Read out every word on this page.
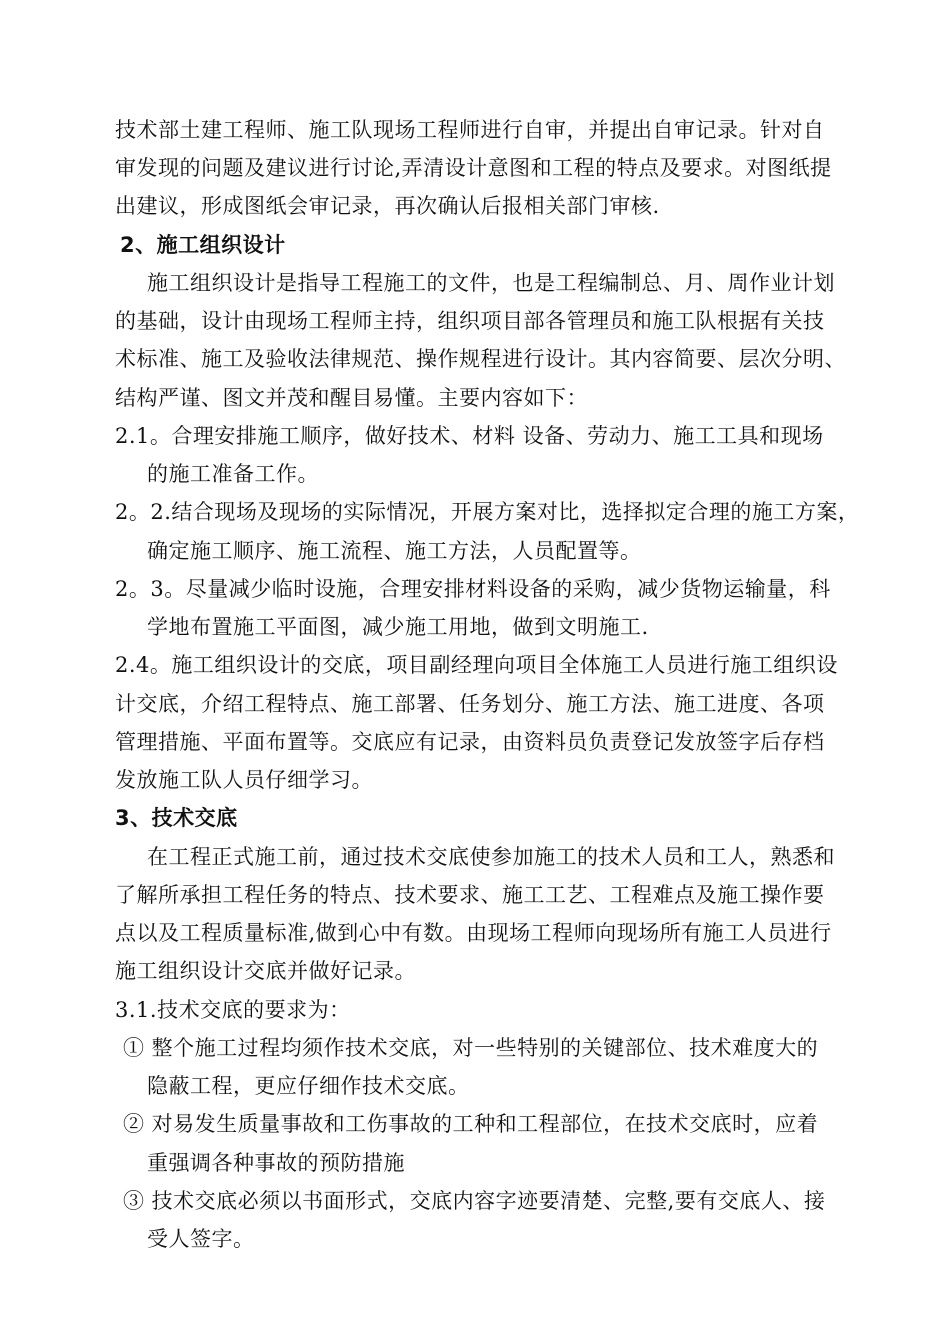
技术部土建工程师、施工队现场工程师进行自审，并提出自审记录。针对自
审发现的问题及建议进行讨论,弄清设计意图和工程的特点及要求。对图纸提
出建议，形成图纸会审记录，再次确认后报相关部门审核.
2、施工组织设计
施工组织设计是指导工程施工的文件，也是工程编制总、月、周作业计划
的基础，设计由现场工程师主持，组织项目部各管理员和施工队根据有关技
术标准、施工及验收法律规范、操作规程进行设计。其内容简要、层次分明、
结构严谨、图文并茂和醒目易懂。主要内容如下：
2.1。合理安排施工顺序，做好技术、材料 设备、劳动力、施工工具和现场
的施工准备工作。
2。2.结合现场及现场的实际情况，开展方案对比，选择拟定合理的施工方案，
确定施工顺序、施工流程、施工方法，人员配置等。
2。3。尽量减少临时设施，合理安排材料设备的采购，减少货物运输量，科
学地布置施工平面图，减少施工用地，做到文明施工.
2.4。施工组织设计的交底，项目副经理向项目全体施工人员进行施工组织设
计交底，介绍工程特点、施工部署、任务划分、施工方法、施工进度、各项
管理措施、平面布置等。交底应有记录，由资料员负责登记发放签字后存档
发放施工队人员仔细学习。
3、技术交底
在工程正式施工前，通过技术交底使参加施工的技术人员和工人，熟悉和
了解所承担工程任务的特点、技术要求、施工工艺、工程难点及施工操作要
点以及工程质量标准,做到心中有数。由现场工程师向现场所有施工人员进行
施工组织设计交底并做好记录。
3.1.技术交底的要求为：
① 整个施工过程均须作技术交底，对一些特别的关键部位、技术难度大的
隐蔽工程，更应仔细作技术交底。
② 对易发生质量事故和工伤事故的工种和工程部位，在技术交底时，应着
重强调各种事故的预防措施
③ 技术交底必须以书面形式，交底内容字迹要清楚、完整,要有交底人、接
受人签字。
